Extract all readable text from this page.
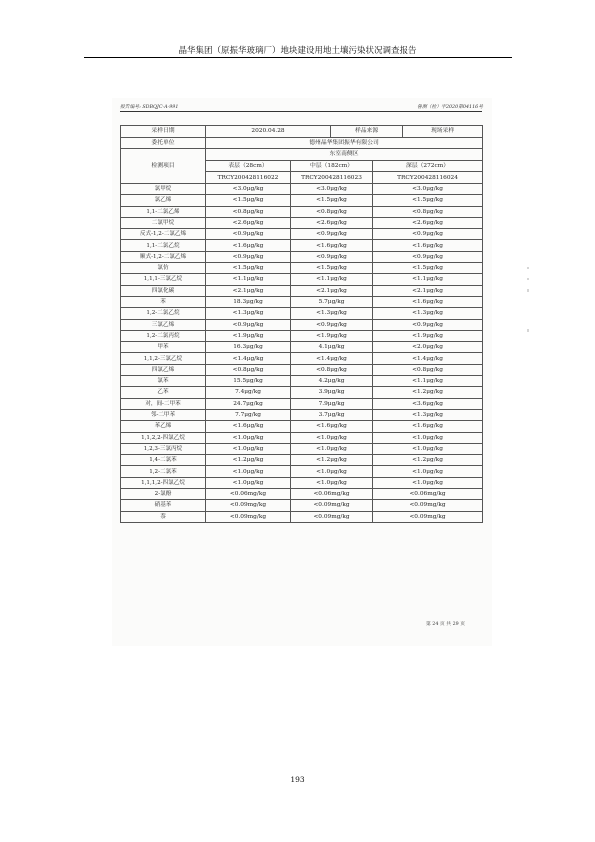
晶华集团（原振华玻璃厂）地块建设用地土壤污染状况调查报告
报告编号: SDBQJC-A-991	鲁测（检）字2020第04116号
采样日期	2020.04.28		样品来源		现场采样
委托单位	德州晶华集团振华有限公司				
检测项目	东室南侧区				
	表层（28cm）	中层（182cm）		深层（272cm）	
	TRCY200428116022	TRCY200428116023		TRCY200428116024	
氯甲烷	<3.0μg/kg	<3.0μg/kg		<3.0μg/kg	
氯乙烯	<1.5μg/kg	<1.5μg/kg		<1.5μg/kg	
1,1-二氯乙烯	<0.8μg/kg	<0.8μg/kg		<0.8μg/kg	
二氯甲烷	<2.6μg/kg	<2.6μg/kg		<2.6μg/kg	
反式-1,2-二氯乙烯	<0.9μg/kg	<0.9μg/kg		<0.9μg/kg	
1,1-二氯乙烷	<1.6μg/kg	<1.6μg/kg		<1.6μg/kg	
顺式-1,2-二氯乙烯	<0.9μg/kg	<0.9μg/kg		<0.9μg/kg	
氯仿	<1.5μg/kg	<1.5μg/kg		<1.5μg/kg	
1,1,1-三氯乙烷	<1.1μg/kg	<1.1μg/kg		<1.1μg/kg	
四氯化碳	<2.1μg/kg	<2.1μg/kg		<2.1μg/kg	
苯	18.3μg/kg	5.7μg/kg		<1.6μg/kg	
1,2-二氯乙烷	<1.3μg/kg	<1.3μg/kg		<1.3μg/kg	
三氯乙烯	<0.9μg/kg	<0.9μg/kg		<0.9μg/kg	
1,2-二氯丙烷	<1.9μg/kg	<1.9μg/kg		<1.9μg/kg	
甲苯	16.3μg/kg	4.1μg/kg		<2.0μg/kg	
1,1,2-三氯乙烷	<1.4μg/kg	<1.4μg/kg		<1.4μg/kg	
四氯乙烯	<0.8μg/kg	<0.8μg/kg		<0.8μg/kg	
氯苯	15.5μg/kg	4.2μg/kg		<1.1μg/kg	
乙苯	7.4μg/kg	3.9μg/kg		<1.2μg/kg	
对，间-二甲苯	24.7μg/kg	7.9μg/kg		<3.6μg/kg	
邻-二甲苯	7.7μg/kg	3.7μg/kg		<1.3μg/kg	
苯乙烯	<1.6μg/kg	<1.6μg/kg		<1.6μg/kg	
1,1,2,2-四氯乙烷	<1.0μg/kg	<1.0μg/kg		<1.0μg/kg	
1,2,3-三氯丙烷	<1.0μg/kg	<1.0μg/kg		<1.0μg/kg	
1,4-二氯苯	<1.2μg/kg	<1.2μg/kg		<1.2μg/kg	
1,2-二氯苯	<1.0μg/kg	<1.0μg/kg		<1.0μg/kg	
1,1,1,2-四氯乙烷	<1.0μg/kg	<1.0μg/kg		<1.0μg/kg	
2-氯酚	<0.06mg/kg	<0.06mg/kg		<0.06mg/kg	
硝基苯	<0.09mg/kg	<0.09mg/kg		<0.09mg/kg	
萘	<0.09mg/kg	<0.09mg/kg		<0.09mg/kg	
第 24 页 共 29 页
193
